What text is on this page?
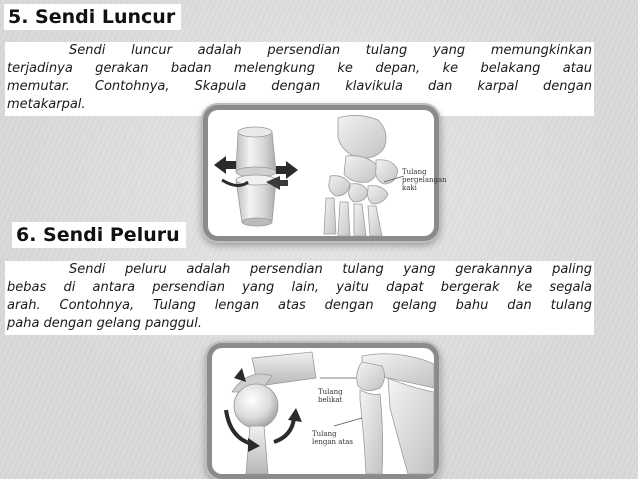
5. Sendi Luncur

Sendi luncur adalah persendian tulang yang memungkinkan
terjadinya gerakan badan melengkung ke depan, ke belakang atau
memutar. Contohnya, Skapula dengan klavikula dan karpal dengan
metakarpal.

Tulang
pergelangan
kaki
6. Sendi Peluru

Sendi peluru adalah persendian tulang yang gerakannya paling
bebas di antara persendian yang lain, yaitu dapat bergerak ke segala
arah. Contohnya, Tulang lengan atas dengan gelang bahu dan tulang
paha dengan gelang panggul.

Tulang
belikat
Tulang
lengan atas
